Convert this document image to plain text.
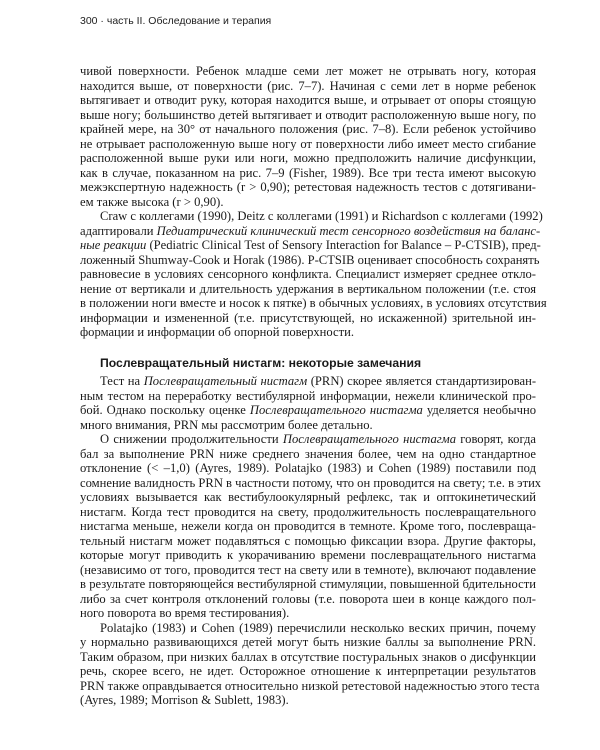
300 · часть II. Обследование и терапия
чивой поверхности. Ребенок младше семи лет может не отрывать ногу, которая
находится выше, от поверхности (рис. 7–7). Начиная с семи лет в норме ребенок
вытягивает и отводит руку, которая находится выше, и отрывает от опоры стоящую
выше ногу; большинство детей вытягивает и отводит расположенную выше ногу, по
крайней мере, на 30° от начального положения (рис. 7–8). Если ребенок устойчиво
не отрывает расположенную выше ногу от поверхности либо имеет место сгибание
расположенной выше руки или ноги, можно предположить наличие дисфункции,
как в случае, показанном на рис. 7–9 (Fisher, 1989). Все три теста имеют высокую
межэкспертную надежность (r > 0,90); ретестовая надежность тестов с дотягивани-
ем также высока (r > 0,90).
Craw с коллегами (1990), Deitz с коллегами (1991) и Richardson с коллегами (1992)
адаптировали Педиатрический клинический тест сенсорного воздействия на баланс-
ные реакции (Pediatric Clinical Test of Sensory Interaction for Balance – P-CTSIB), пред-
ложенный Shumway-Cook и Horak (1986). P-CTSIB оценивает способность сохранять
равновесие в условиях сенсорного конфликта. Специалист измеряет среднее откло-
нение от вертикали и длительность удержания в вертикальном положении (т.е. стоя
в положении ноги вместе и носок к пятке) в обычных условиях, в условиях отсутствия
информации и измененной (т.е. присутствующей, но искаженной) зрительной ин-
формации и информации об опорной поверхности.
Послевращательный нистагм: некоторые замечания
Тест на Послевращательный нистагм (PRN) скорее является стандартизирован-
ным тестом на переработку вестибулярной информации, нежели клинической про-
бой. Однако поскольку оценке Послевращательного нистагма уделяется необычно
много внимания, PRN мы рассмотрим более детально.
О снижении продолжительности Послевращательного нистагма говорят, когда
бал за выполнение PRN ниже среднего значения более, чем на одно стандартное
отклонение (< –1,0) (Ayres, 1989). Polatajko (1983) и Cohen (1989) поставили под
сомнение валидность PRN в частности потому, что он проводится на свету; т.е. в этих
условиях вызывается как вестибулоокулярный рефлекс, так и оптокинетический
нистагм. Когда тест проводится на свету, продолжительность послевращательного
нистагма меньше, нежели когда он проводится в темноте. Кроме того, послевраща-
тельный нистагм может подавляться с помощью фиксации взора. Другие факторы,
которые могут приводить к укорачиванию времени послевращательного нистагма
(независимо от того, проводится тест на свету или в темноте), включают подавление
в результате повторяющейся вестибулярной стимуляции, повышенной бдительности
либо за счет контроля отклонений головы (т.е. поворота шеи в конце каждого пол-
ного поворота во время тестирования).
Polatajko (1983) и Cohen (1989) перечислили несколько веских причин, почему
у нормально развивающихся детей могут быть низкие баллы за выполнение PRN.
Таким образом, при низких баллах в отсутствие постуральных знаков о дисфункции
речь, скорее всего, не идет. Осторожное отношение к интерпретации результатов
PRN также оправдывается относительно низкой ретестовой надежностью этого теста
(Ayres, 1989; Morrison & Sublett, 1983).
